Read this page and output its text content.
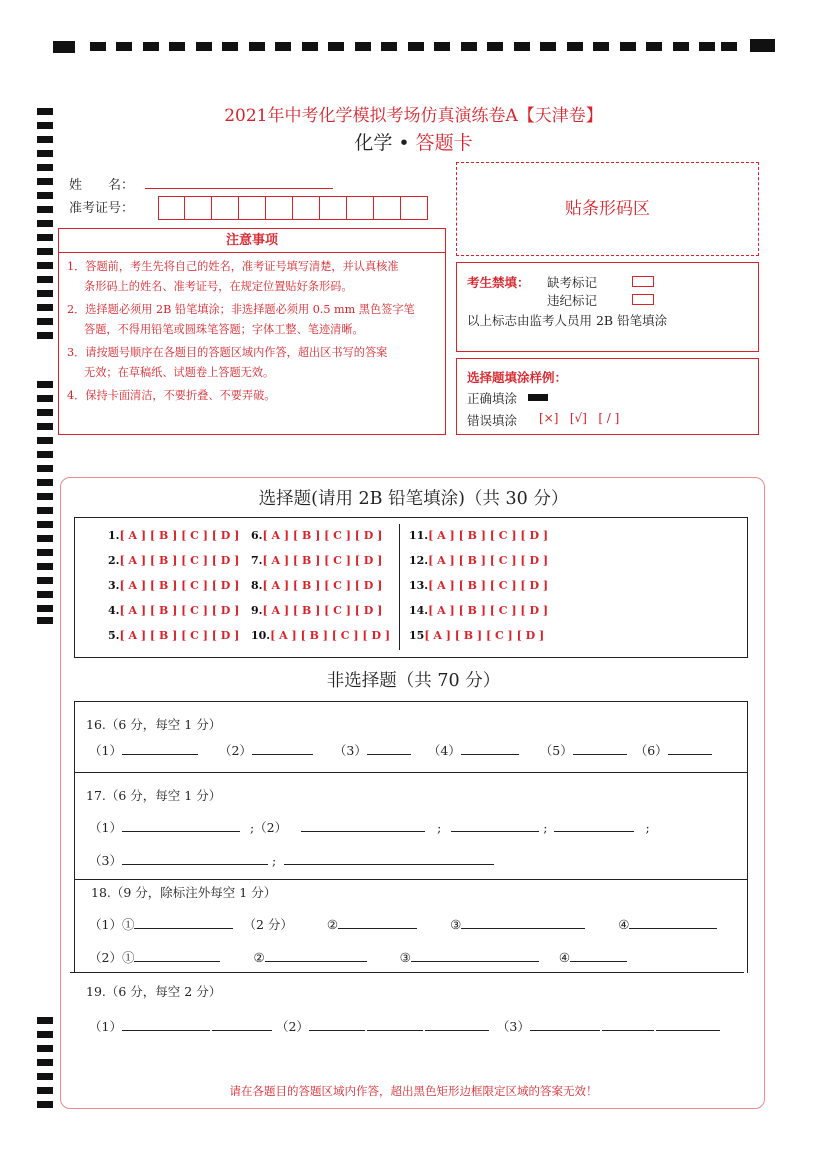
2021年中考化学模拟考场仿真演练卷A【天津卷】
化学 • 答题卡
姓　　名：
准考证号：	贴条形码区
注意事项
1．答题前，考生先将自己的姓名，准考证号填写清楚，并认真核准
条形码上的姓名、准考证号，在规定位置贴好条形码。
2．选择题必须用 2B 铅笔填涂；非选择题必须用 0.5 mm 黑色签字笔
答题，不得用铅笔或圆珠笔答题；字体工整、笔迹清晰。
3．请按题号顺序在各题目的答题区域内作答，超出区书写的答案
无效；在草稿纸、试题卷上答题无效。
4．保持卡面清洁，不要折叠、不要弄破。
考生禁填： 缺考标记
违纪标记
以上标志由监考人员用 2B 铅笔填涂
选择题填涂样例：
正确填涂
错误填涂 [×]   [√]   [ / ]
选择题(请用 2B 铅笔填涂)（共 30 分）
1.[ A ] [ B ] [ C ] [ D ]
2.[ A ] [ B ] [ C ] [ D ]
3.[ A ] [ B ] [ C ] [ D ]
4.[ A ] [ B ] [ C ] [ D ]
5.[ A ] [ B ] [ C ] [ D ]
6.[ A ] [ B ] [ C ] [ D ]
7.[ A ] [ B ] [ C ] [ D ]
8.[ A ] [ B ] [ C ] [ D ]
9.[ A ] [ B ] [ C ] [ D ]
10.[ A ] [ B ] [ C ] [ D ]
11.[ A ] [ B ] [ C ] [ D ]
12.[ A ] [ B ] [ C ] [ D ]
13.[ A ] [ B ] [ C ] [ D ]
14.[ A ] [ B ] [ C ] [ D ]
15[ A ] [ B ] [ C ] [ D ]
非选择题（共 70 分）
16.（6 分，每空 1 分）
（1）	（2）	（3）	（4）	（5）	（6）
17.（6 分，每空 1 分）
（1）	;（2）	;	;	;
（3）	;
18.（9 分，除标注外每空 1 分）
（1）①	（2 分）	②	③	④
（2）①	②	③	④
19.（6 分，每空 2 分）
（1）	（2）	（3）
请在各题目的答题区域内作答，超出黑色矩形边框限定区域的答案无效！
